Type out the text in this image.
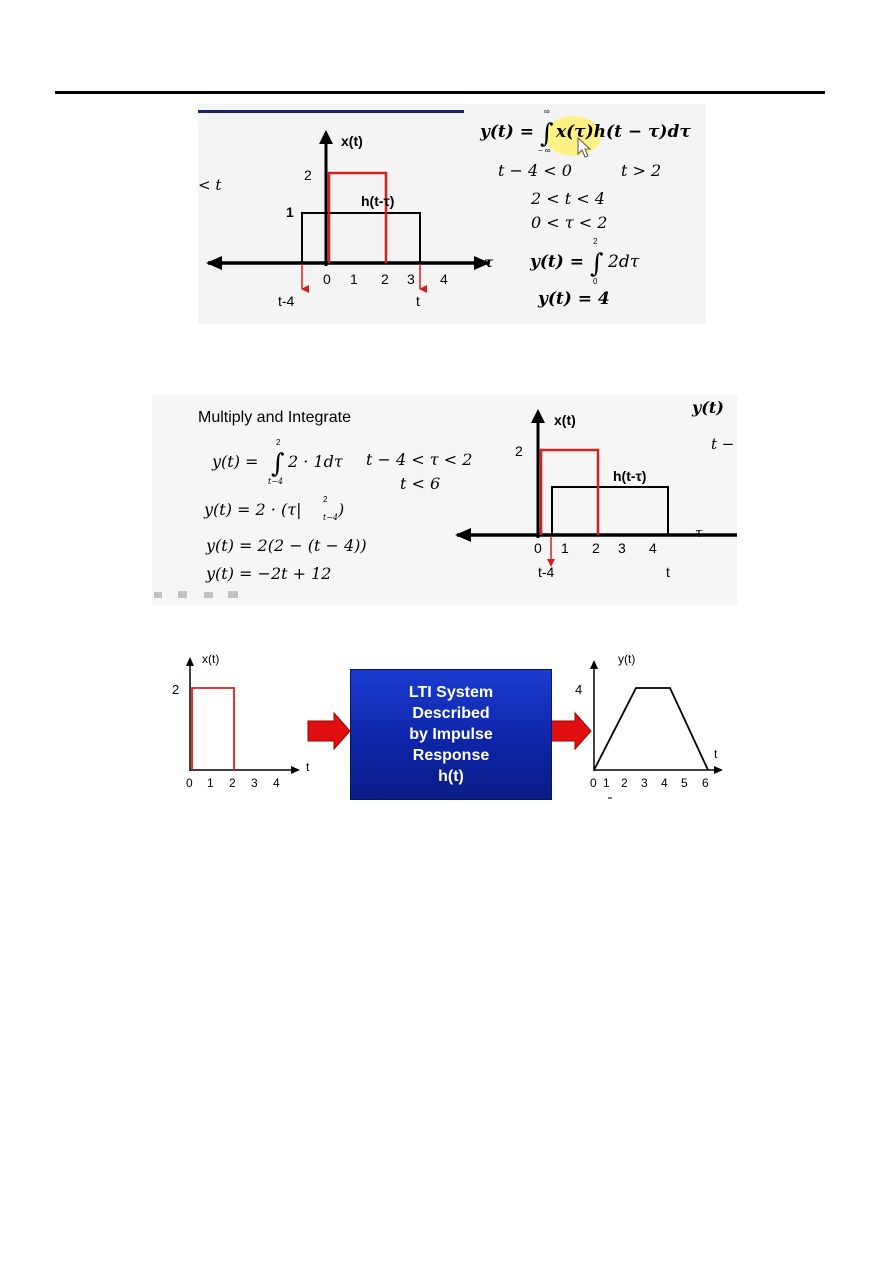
0 1 2 3 4
2
1
x(t)
h(t-τ)
τ
< t
t-4	t
y(t) = ∫
∞
− ∞
x(τ)h(t − τ)dτ
t − 4 < 0	t > 2
2 < t < 4
0 < τ < 2
y(t) = ∫
2
0
2dτ
y(t) = 4
Multiply and Integrate
y(t) = ∫
2
t−4
2 · 1dτ t − 4 < τ < 2
t < 6
y(t) = 2 · (τ|
2
t−4 )
y(t) = 2(2 − (t − 4))
y(t) = −2t + 12
y(t)
t −
x(t)
h(t-τ)
τ
2
0 1 2 3 4
t-4	t
x(t)
2
t
0 1 2 3 4
y(t)
4
t
0 1 2 3 4 5 6
LTI System
Described
by Impulse
Response
h(t)
